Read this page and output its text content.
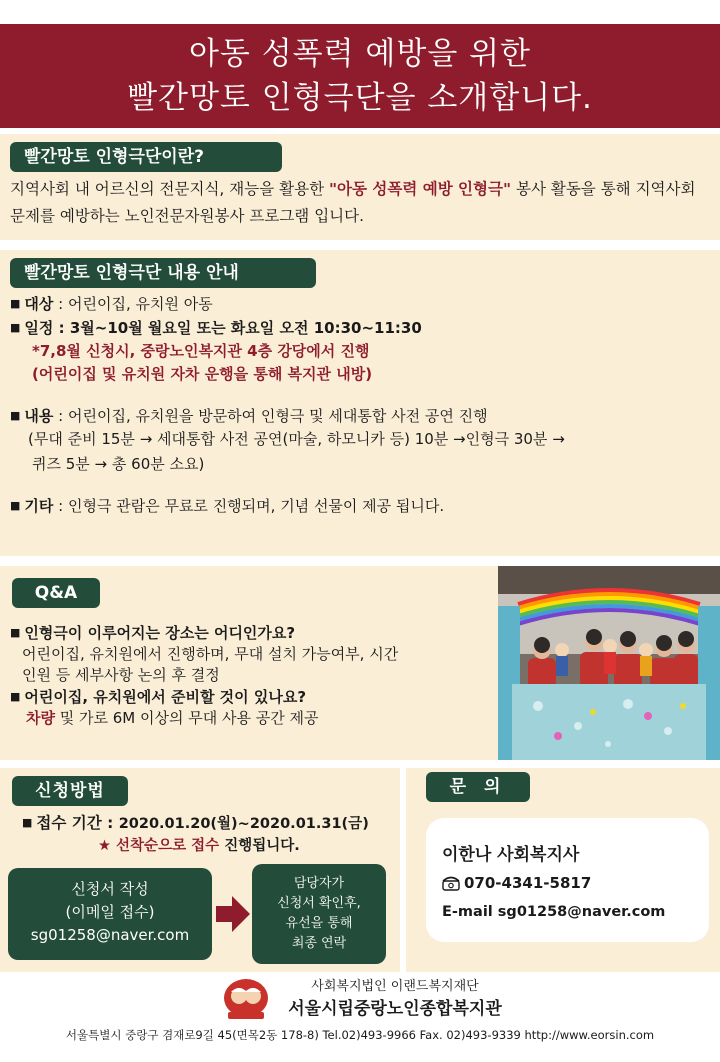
아동 성폭력 예방을 위한
빨간망토 인형극단을 소개합니다.
빨간망토 인형극단이란?
지역사회 내 어르신의 전문지식, 재능을 활용한 "아동 성폭력 예방 인형극" 봉사 활동을 통해 지역사회 문제를 예방하는 노인전문자원봉사 프로그램 입니다.
빨간망토 인형극단 내용 안내
■ 대상 : 어린이집, 유치원 아동
■ 일정 : 3월~10월 월요일 또는 화요일 오전 10:30~11:30
*7,8월 신청시, 중랑노인복지관 4층 강당에서 진행
(어린이집 및 유치원 자차 운행을 통해 복지관 내방)
■ 내용 : 어린이집, 유치원을 방문하여 인형극 및 세대통합 사전 공연 진행
(무대 준비 15분 → 세대통합 사전 공연(마술, 하모니카 등) 10분 →인형극 30분 →
퀴즈 5분 → 총 60분 소요)
■ 기타 : 인형극 관람은 무료로 진행되며, 기념 선물이 제공 됩니다.
Q&A
■ 인형극이 이루어지는 장소는 어디인가요?
어린이집, 유치원에서 진행하며, 무대 설치 가능여부, 시간
인원 등 세부사항 논의 후 결정
■ 어린이집, 유치원에서 준비할 것이 있나요?
차량 및 가로 6M 이상의 무대 사용 공간 제공
신청방법
■ 접수 기간 : 2020.01.20(월)~2020.01.31(금)
★ 선착순으로 접수 진행됩니다.
신청서 작성
(이메일 접수)
sg01258@naver.com
담당자가
신청서 확인후,
유선을 통해
최종 연락
문 의
이한나 사회복지사
070-4341-5817
E-mail sg01258@naver.com
사회복지법인 이랜드복지재단
서울시립중랑노인종합복지관
서울특별시 중랑구 겸재로9길 45(면목2동 178-8) Tel.02)493-9966 Fax. 02)493-9339 http://www.eorsin.com
